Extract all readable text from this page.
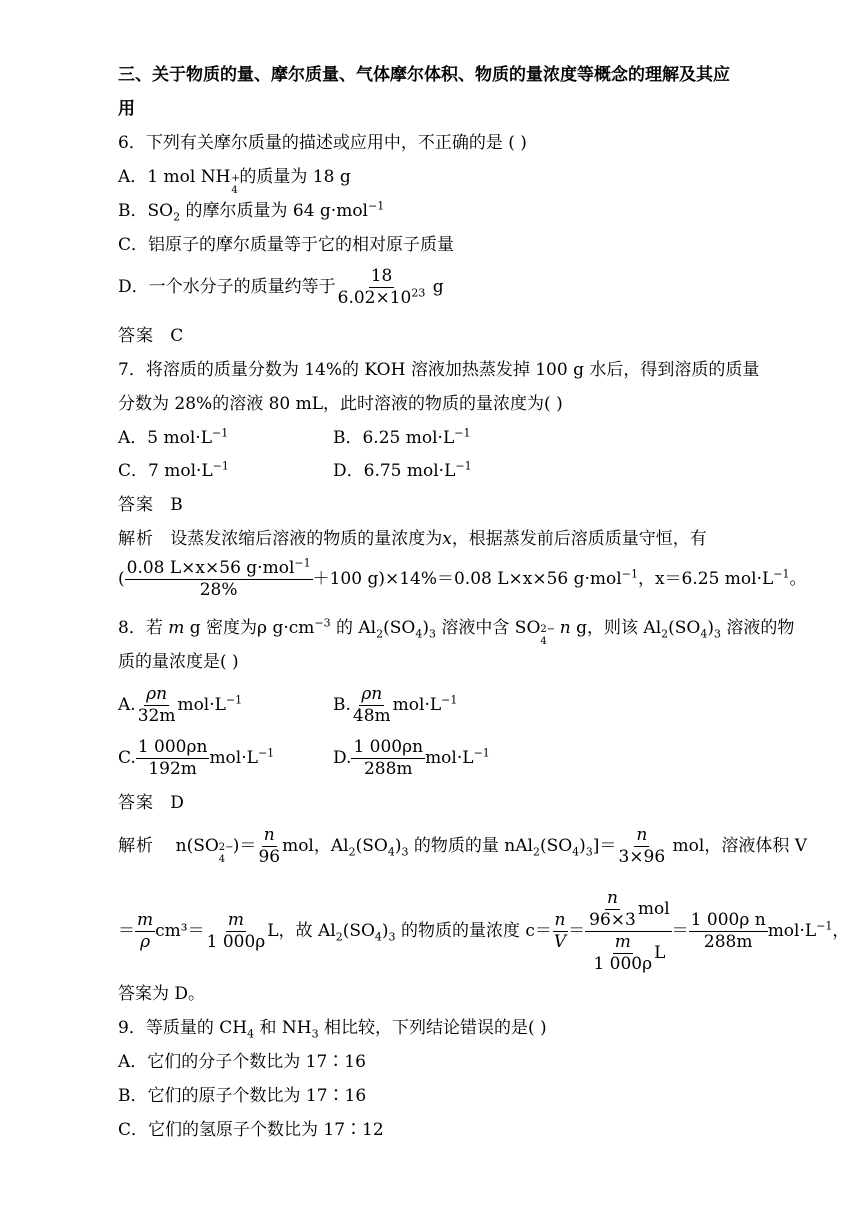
三、关于物质的量、摩尔质量、气体摩尔体积、物质的量浓度等概念的理解及其应
用
6．下列有关摩尔质量的描述或应用中，不正确的是 ( )
A．1 mol NH +
4
的质量为 18 g
B．$SO_2$ 的摩尔质量为 64 g·mol$^{-1}$
C．铝原子的摩尔质量等于它的相对原子质量
D．一个水分子的质量约等于 $\frac{18}{6.02\times 10^{23}}$ g
答案 C
7．将溶质的质量分数为 14%的 KOH 溶液加热蒸发掉 100 g 水后，得到溶质的质量
分数为 28%的溶液 80 mL，此时溶液的物质的量浓度为( )
A．5 $mol\cdot L^{-1}$	B．6.25 $mol\cdot L^{-1}$
C．7 $mol\cdot L^{-1}$	D．6.75 $mol\cdot L^{-1}$
答案 B
解析 设蒸发浓缩后溶液的物质的量浓度为x，根据蒸发前后溶质质量守恒，有
( $\frac{0.08 L\times x\times 56 g\cdot mol^{-1}}{28\%} +100$ g)×14%＝0.08 L×x×56 g·mol$^{-1}$，x＝6.25 $mol\cdot L^{-1}$。
8．若 m g 密度为ρ $g\cdot cm^{-3}$ 的 $Al_2(SO_4)_3$ 溶液中含 SO 2−
4
n g，则该 $Al_2(SO_4)_3$ 溶液的物
质的量浓度是( )
A. $\frac{\rho n}{32m} mol\cdot L^{-1}$	B. $\frac{\rho n}{48m} mol\cdot L^{-1}$
C. $\frac{1 000\rho n}{192m} mol\cdot L^{-1}$	D. $\frac{1 000\rho n}{288m} mol\cdot L^{-1}$
答案 D
解析 n(SO 2−
4
)＝ $\frac{n}{96}$ mol，$Al_2(SO_4)_3$ 的物质的量 $nAl_2(SO_4)_3]= \frac{n}{3\times 96}$ mol，溶液体积 V
＝ $\frac{m}{\rho} cm^3= \frac{m}{1 000\rho}$ L，故 $Al_2(SO_4)_3$ 的物质的量浓度 $c= \frac{n}{V} = \frac{\frac{n}{96\times 3} mol}{\frac{m}{1 000\rho} L} = \frac{\text{1 000ρ n}}{288m} mol\cdot L^{-1}$，
答案为 D。
9．等质量的 $CH_4$ 和 $NH_3$ 相比较，下列结论错误的是( )
A．它们的分子个数比为 17∶16
B．它们的原子个数比为 17∶16
C．它们的氢原子个数比为 17∶12
